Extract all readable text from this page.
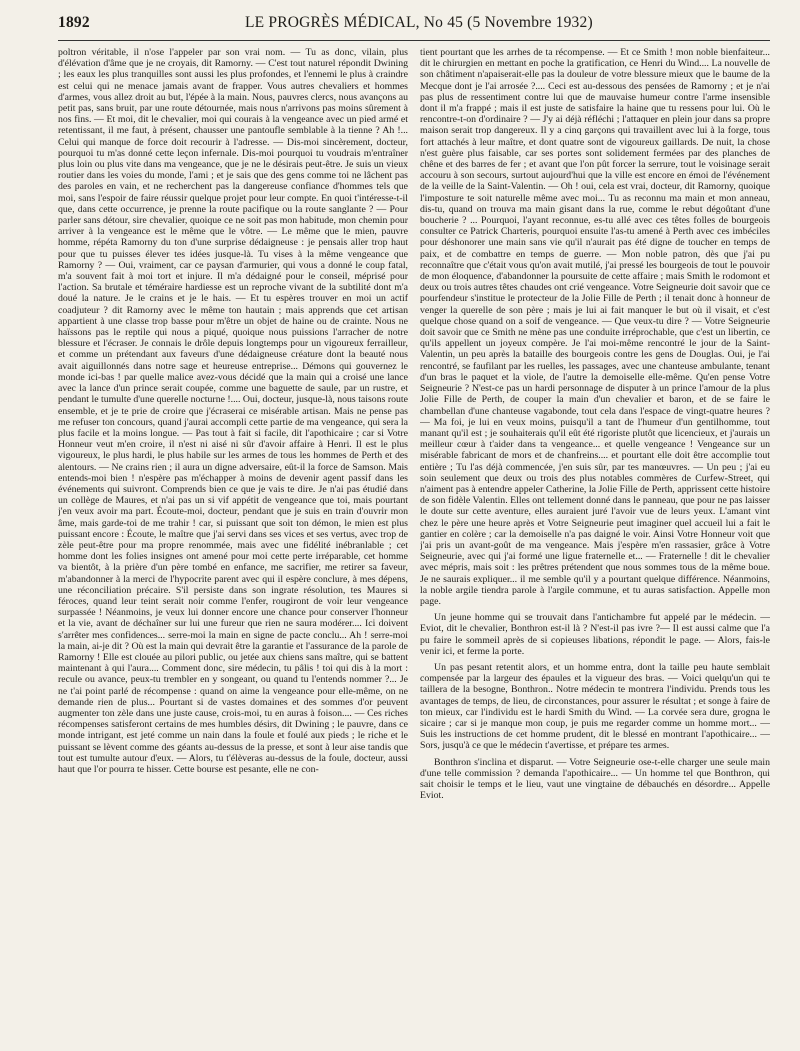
1892	LE PROGRÈS MÉDICAL, No 45 (5 Novembre 1932)

poltron véritable, il n'ose l'appeler par son vrai nom. — Tu as donc, vilain, plus d'élévation d'âme que je ne croyais, dit Ramorny. — C'est tout naturel répondit Dwining ; les eaux les plus tranquilles sont aussi les plus profondes, et l'ennemi le plus à craindre est celui qui ne menace jamais avant de frapper. Vous autres chevaliers et hommes d'armes, vous allez droit au but, l'épée à la main. Nous, pauvres clercs, nous avançons au petit pas, sans bruit, par une route détournée, mais nous n'arrivons pas moins sûrement à nos fins. — Et moi, dit le chevalier, moi qui courais à la vengeance avec un pied armé et retentissant, il me faut, à présent, chausser une pantoufle semblable à la tienne ? Ah !... Celui qui manque de force doit recourir à l'adresse. — Dis-moi sincèrement, docteur, pourquoi tu m'as donné cette leçon infernale. Dis-moi pourquoi tu voudrais m'entraîner plus loin ou plus vite dans ma vengeance, que je ne le désirais peut-être. Je suis un vieux routier dans les voies du monde, l'ami ; et je sais que des gens comme toi ne lâchent pas des paroles en vain, et ne recherchent pas la dangereuse confiance d'hommes tels que moi, sans l'espoir de faire réussir quelque projet pour leur compte. En quoi t'intéresse-t-il que, dans cette occurrence, je prenne la route pacifique ou la route sanglante ? — Pour parler sans détour, sire chevalier, quoique ce ne soit pas mon habitude, mon chemin pour arriver à la vengeance est le même que le vôtre. — Le même que le mien, pauvre homme, répéta Ramorny du ton d'une surprise dédaigneuse : je pensais aller trop haut pour que tu puisses élever tes idées jusque-là. Tu vises à la même vengeance que Ramorny ? — Oui, vraiment, car ce paysan d'armurier, qui vous a donné le coup fatal, m'a souvent fait à moi tort et injure. Il m'a dédaigné pour le conseil, méprisé pour l'action. Sa brutale et téméraire hardiesse est un reproche vivant de la subtilité dont m'a doué la nature. Je le crains et je le hais. — Et tu espères trouver en moi un actif coadjuteur ? dit Ramorny avec le même ton hautain ; mais apprends que cet artisan appartient à une classe trop basse pour m'être un objet de haine ou de crainte. Nous ne haïssons pas le reptile qui nous a piqué, quoique nous puissions l'arracher de notre blessure et l'écraser. Je connais le drôle depuis longtemps pour un vigoureux ferrailleur, et comme un prétendant aux faveurs d'une dédaigneuse créature dont la beauté nous avait aiguillonnés dans notre sage et heureuse entreprise... Démons qui gouvernez le monde ici-bas ! par quelle malice avez-vous décidé que la main qui a croisé une lance avec la lance d'un prince serait coupée, comme une baguette de saule, par un rustre, et pendant le tumulte d'une querelle nocturne !.... Oui, docteur, jusque-là, nous taisons route ensemble, et je te prie de croire que j'écraserai ce misérable artisan. Mais ne pense pas me refuser ton concours, quand j'aurai accompli cette partie de ma vengeance, qui sera la plus facile et la moins longue. — Pas tout à fait si facile, dit l'apothicaire ; car si Votre Honneur veut m'en croire, il n'est ni aisé ni sûr d'avoir affaire à Henri. Il est le plus vigoureux, le plus hardi, le plus habile sur les armes de tous les hommes de Perth et des alentours. — Ne crains rien ; il aura un digne adversaire, eût-il la force de Samson. Mais entends-moi bien ! n'espère pas m'échapper à moins de devenir agent passif dans les événements qui suivront. Comprends bien ce que je vais te dire. Je n'ai pas étudié dans un collège de Maures, et n'ai pas un si vif appétit de vengeance que toi, mais pourtant j'en veux avoir ma part. Écoute-moi, docteur, pendant que je suis en train d'ouvrir mon âme, mais garde-toi de me trahir ! car, si puissant que soit ton démon, le mien est plus puissant encore : Écoute, le maître que j'ai servi dans ses vices et ses vertus, avec trop de zèle peut-être pour ma propre renommée, mais avec une fidélité inébranlable ; cet homme dont les folies insignes ont amené pour moi cette perte irréparable, cet homme va bientôt, à la prière d'un père tombé en enfance, me sacrifier, me retirer sa faveur, m'abandonner à la merci de l'hypocrite parent avec qui il espère conclure, à mes dépens, une réconciliation précaire. S'il persiste dans son ingrate résolution, tes Maures si féroces, quand leur teint serait noir comme l'enfer, rougiront de voir leur vengeance surpassée ! Néanmoins, je veux lui donner encore une chance pour conserver l'honneur et la vie, avant de déchaîner sur lui une fureur que rien ne saura modérer.... Ici doivent s'arrêter mes confidences... serre-moi la main en signe de pacte conclu... Ah ! serre-moi la main, ai-je dit ? Où est la main qui devrait être la garantie et l'assurance de la parole de Ramorny ! Elle est clouée au pilori public, ou jetée aux chiens sans maître, qui se battent maintenant à qui l'aura.... Comment donc, sire médecin, tu pâlis ! toi qui dis à la mort : recule ou avance, peux-tu trembler en y songeant, ou quand tu l'entends nommer ?... Je ne t'ai point parlé de récompense : quand on aime la vengeance pour elle-même, on ne demande rien de plus... Pourtant si de vastes domaines et des sommes d'or peuvent augmenter ton zèle dans une juste cause, crois-moi, tu en auras à foison.... — Ces riches récompenses satisferont certains de mes humbles désirs, dit Dwining ; le pauvre, dans ce monde intrigant, est jeté comme un nain dans la foule et foulé aux pieds ; le riche et le puissant se lèvent comme des géants au-dessus de la presse, et sont à leur aise tandis que tout est tumulte autour d'eux. — Alors, tu t'élèveras au-dessus de la foule, docteur, aussi haut que l'or pourra te hisser. Cette bourse est pesante, elle ne con-

tient pourtant que les arrhes de ta récompense. — Et ce Smith ! mon noble bienfaiteur... dit le chirurgien en mettant en poche la gratification, ce Henri du Wind.... La nouvelle de son châtiment n'apaiserait-elle pas la douleur de votre blessure mieux que le baume de la Mecque dont je l'ai arrosée ?.... Ceci est au-dessous des pensées de Ramorny ; et je n'ai pas plus de ressentiment contre lui que de mauvaise humeur contre l'arme insensible dont il m'a frappé ; mais il est juste de satisfaire la haine que tu ressens pour lui. Où le rencontre-t-on d'ordinaire ? — J'y ai déjà réfléchi ; l'attaquer en plein jour dans sa propre maison serait trop dangereux. Il y a cinq garçons qui travaillent avec lui à la forge, tous fort attachés à leur maître, et dont quatre sont de vigoureux gaillards. De nuit, la chose n'est guère plus faisable, car ses portes sont solidement fermées par des planches de chêne et des barres de fer ; et avant que l'on pût forcer la serrure, tout le voisinage serait accouru à son secours, surtout aujourd'hui que la ville est encore en émoi de l'événement de la veille de la Saint-Valentin. — Oh ! oui, cela est vrai, docteur, dit Ramorny, quoique l'imposture te soit naturelle même avec moi... Tu as reconnu ma main et mon anneau, dis-tu, quand on trouva ma main gisant dans la rue, comme le rebut dégoûtant d'une boucherie ? ... Pourquoi, l'ayant reconnue, es-tu allé avec ces têtes folles de bourgeois consulter ce Patrick Charteris, pourquoi ensuite l'as-tu amené à Perth avec ces imbéciles pour déshonorer une main sans vie qu'il n'aurait pas été digne de toucher en temps de paix, et de combattre en temps de guerre. — Mon noble patron, dès que j'ai pu reconnaître que c'était vous qu'on avait mutilé, j'ai pressé les bourgeois de tout le pouvoir de mon éloquence, d'abandonner la poursuite de cette affaire ; mais Smith le rodomont et deux ou trois autres têtes chaudes ont crié vengeance. Votre Seigneurie doit savoir que ce pourfendeur s'institue le protecteur de la Jolie Fille de Perth ; il tenait donc à honneur de venger la querelle de son père ; mais je lui ai fait manquer le but où il visait, et c'est quelque chose quand on a soif de vengeance. — Que veux-tu dire ? — Votre Seigneurie doit savoir que ce Smith ne mène pas une conduite irréprochable, que c'est un libertin, ce qu'ils appellent un joyeux compère. Je l'ai moi-même rencontré le jour de la Saint-Valentin, un peu après la bataille des bourgeois contre les gens de Douglas. Oui, je l'ai rencontré, se faufilant par les ruelles, les passages, avec une chanteuse ambulante, tenant d'un bras le paquet et la viole, de l'autre la demoiselle elle-même. Qu'en pense Votre Seigneurie ? N'est-ce pas un hardi personnage de disputer à un prince l'amour de la plus Jolie Fille de Perth, de couper la main d'un chevalier et baron, et de se faire le chambellan d'une chanteuse vagabonde, tout cela dans l'espace de vingt-quatre heures ? — Ma foi, je lui en veux moins, puisqu'il a tant de l'humeur d'un gentilhomme, tout manant qu'il est ; je souhaiterais qu'il eût été rigoriste plutôt que licencieux, et j'aurais un meilleur cœur à t'aider dans ta vengeance... et quelle vengeance ! Vengeance sur un misérable fabricant de mors et de chanfreins.... et pourtant elle doit être accomplie tout entière ; Tu l'as déjà commencée, j'en suis sûr, par tes manœuvres. — Un peu ; j'ai eu soin seulement que deux ou trois des plus notables commères de Curfew-Street, qui n'aiment pas à entendre appeler Catherine, la Jolie Fille de Perth, apprissent cette histoire de son fidèle Valentin. Elles ont tellement donné dans le panneau, que pour ne pas laisser le doute sur cette aventure, elles auraient juré l'avoir vue de leurs yeux. L'amant vint chez le père une heure après et Votre Seigneurie peut imaginer quel accueil lui a fait le gantier en colère ; car la demoiselle n'a pas daigné le voir. Ainsi Votre Honneur voit que j'ai pris un avant-goût de ma vengeance. Mais j'espère m'en rassasier, grâce à Votre Seigneurie, avec qui j'ai formé une ligue fraternelle et... — Fraternelle ! dit le chevalier avec mépris, mais soit : les prêtres prétendent que nous sommes tous de la même boue. Je ne saurais expliquer... il me semble qu'il y a pourtant quelque différence. Néanmoins, la noble argile tiendra parole à l'argile commune, et tu auras satisfaction. Appelle mon page.

Un jeune homme qui se trouvait dans l'antichambre fut appelé par le médecin. — Eviot, dit le chevalier, Bonthron est-il là ? N'est-il pas ivre ?— Il est aussi calme que l'a pu faire le sommeil après de si copieuses libations, répondit le page. — Alors, fais-le venir ici, et ferme la porte.

Un pas pesant retentit alors, et un homme entra, dont la taille peu haute semblait compensée par la largeur des épaules et la vigueur des bras. — Voici quelqu'un qui te taillera de la besogne, Bonthron.. Notre médecin te montrera l'individu. Prends tous les avantages de temps, de lieu, de circonstances, pour assurer le résultat ; et songe à faire de ton mieux, car l'individu est le hardi Smith du Wind. — La corvée sera dure, grogna le sicaire ; car si je manque mon coup, je puis me regarder comme un homme mort... — Suis les instructions de cet homme prudent, dit le blessé en montrant l'apothicaire... — Sors, jusqu'à ce que le médecin t'avertisse, et prépare tes armes.

Bonthron s'inclina et disparut. — Votre Seigneurie ose-t-elle charger une seule main d'une telle commission ? demanda l'apothicaire... — Un homme tel que Bonthron, qui sait choisir le temps et le lieu, vaut une vingtaine de débauchés en désordre... Appelle Eviot.
